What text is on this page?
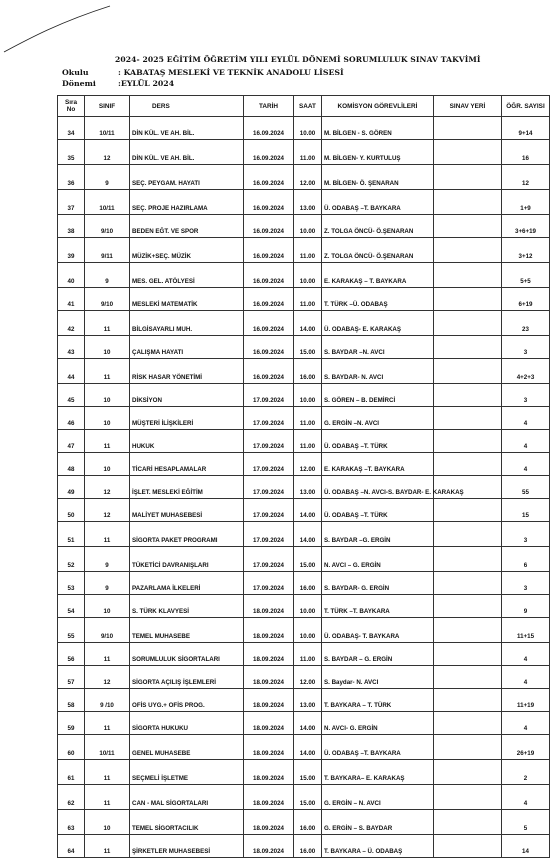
2024- 2025 EĞİTİM ÖĞRETİM YILI EYLÜL DÖNEMİ SORUMLULUK SINAV TAKVİMİ
Okulu	: KABATAŞ MESLEKİ VE TEKNİK ANADOLU LİSESİ
Dönemi	:EYLÜL 2024
Sıra No	SINIF	DERS	TARİH	SAAT	KOMİSYON GÖREVLİLERİ	SINAV YERİ	ÖĞR. SAYISI
34	10/11	DİN KÜL. VE AH. BİL.	16.09.2024	10.00	M. BİLGEN - S. GÖREN		9+14
35	12	DİN KÜL. VE AH. BİL.	16.09.2024	11.00	M. BİLGEN- Y. KURTULUŞ		16
36	9	SEÇ. PEYGAM. HAYATI	16.09.2024	12.00	M. BİLGEN- Ö. ŞENARAN		12
37	10/11	SEÇ. PROJE HAZIRLAMA	16.09.2024	13.00	Ü. ODABAŞ –T. BAYKARA		1+9
38	9/10	BEDEN EĞT. VE SPOR	16.09.2024	10.00	Z. TOLGA ÖNCÜ- Ö.ŞENARAN		3+6+19
39	9/11	MÜZİK+SEÇ. MÜZİK	16.09.2024	11.00	Z. TOLGA ÖNCÜ- Ö.ŞENARAN		3+12
40	9	MES. GEL. ATÖLYESİ	16.09.2024	10.00	E. KARAKAŞ – T. BAYKARA		5+5
41	9/10	MESLEKİ MATEMATİK	16.09.2024	11.00	T. TÜRK –Ü. ODABAŞ		6+19
42	11	BİLGİSAYARLI MUH.	16.09.2024	14.00	Ü. ODABAŞ- E. KARAKAŞ		23
43	10	ÇALIŞMA HAYATI	16.09.2024	15.00	S. BAYDAR –N. AVCI		3
44	11	RİSK HASAR YÖNETİMİ	16.09.2024	16.00	S. BAYDAR- N. AVCI		4+2+3
45	10	DİKSİYON	17.09.2024	10.00	S. GÖREN – B. DEMİRCİ		3
46	10	MÜŞTERİ İLİŞKİLERİ	17.09.2024	11.00	G. ERGİN –N. AVCI		4
47	11	HUKUK	17.09.2024	11.00	Ü. ODABAŞ –T. TÜRK		4
48	10	TİCARİ HESAPLAMALAR	17.09.2024	12.00	E. KARAKAŞ –T. BAYKARA		4
49	12	İŞLET. MESLEKİ EĞİTİM	17.09.2024	13.00	Ü. ODABAŞ –N. AVCI-S. BAYDAR- E. KARAKAŞ		55
50	12	MALİYET MUHASEBESİ	17.09.2024	14.00	Ü. ODABAŞ –T. TÜRK		15
51	11	SİGORTA PAKET PROGRAMI	17.09.2024	14.00	S. BAYDAR –G. ERGİN		3
52	9	TÜKETİCİ DAVRANIŞLARI	17.09.2024	15.00	N. AVCI – G. ERGİN		6
53	9	PAZARLAMA İLKELERİ	17.09.2024	16.00	S. BAYDAR- G. ERGİN		3
54	10	S. TÜRK KLAVYESİ	18.09.2024	10.00	T. TÜRK –T. BAYKARA		9
55	9/10	TEMEL MUHASEBE	18.09.2024	10.00	Ü. ODABAŞ- T. BAYKARA		11+15
56	11	SORUMLULUK SİGORTALARI	18.09.2024	11.00	S. BAYDAR – G. ERGİN		4
57	12	SİGORTA AÇILIŞ İŞLEMLERİ	18.09.2024	12.00	S. Baydar- N. AVCI		4
58	9 /10	OFİS UYG.+ OFİS PROG.	18.09.2024	13.00	T. BAYKARA – T. TÜRK		11+19
59	11	SİGORTA HUKUKU	18.09.2024	14.00	N. AVCI- G. ERGİN		4
60	10/11	GENEL MUHASEBE	18.09.2024	14.00	Ü. ODABAŞ –T. BAYKARA		26+19
61	11	SEÇMELİ İŞLETME	18.09.2024	15.00	T. BAYKARA– E. KARAKAŞ		2
62	11	CAN - MAL SİGORTALARI	18.09.2024	15.00	G. ERGİN – N. AVCI		4
63	10	TEMEL SİGORTACILIK	18.09.2024	16.00	G. ERGİN – S. BAYDAR		5
64	11	ŞİRKETLER MUHASEBESİ	18.09.2024	16.00	T. BAYKARA – Ü. ODABAŞ		14
